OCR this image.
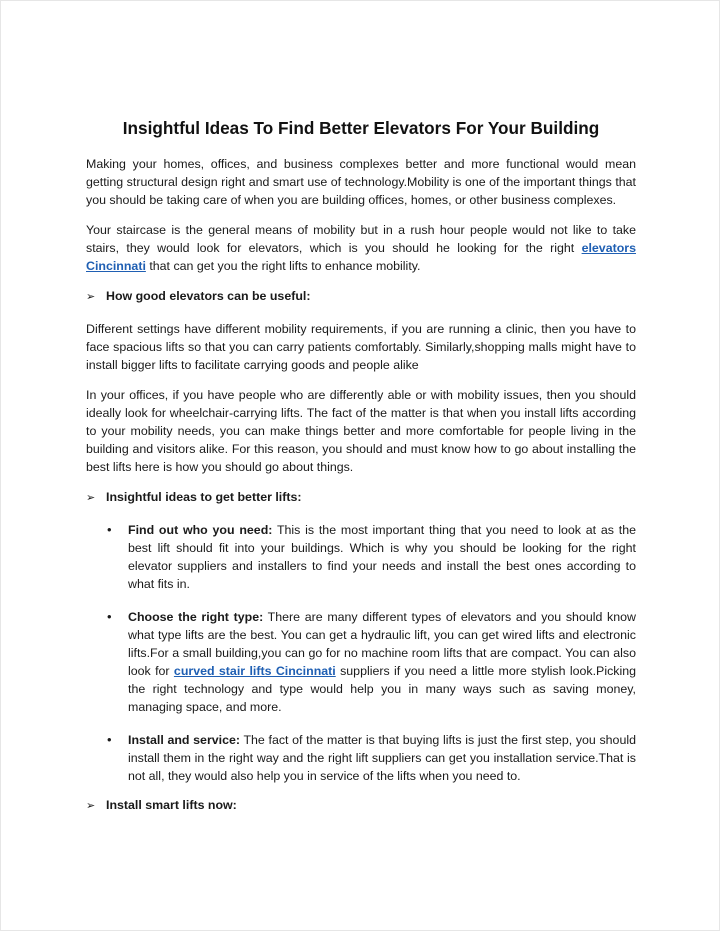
Insightful Ideas To Find Better Elevators For Your Building

Making your homes, offices, and business complexes better and more functional would mean getting structural design right and smart use of technology.Mobility is one of the important things that you should be taking care of when you are building offices, homes, or other business complexes.

Your staircase is the general means of mobility but in a rush hour people would not like to take stairs, they would look for elevators, which is you should he looking for the right elevators Cincinnati that can get you the right lifts to enhance mobility.

➢ How good elevators can be useful:

Different settings have different mobility requirements, if you are running a clinic, then you have to face spacious lifts so that you can carry patients comfortably. Similarly,shopping malls might have to install bigger lifts to facilitate carrying goods and people alike

In your offices, if you have people who are differently able or with mobility issues, then you should ideally look for wheelchair-carrying lifts. The fact of the matter is that when you install lifts according to your mobility needs, you can make things better and more comfortable for people living in the building and visitors alike. For this reason, you should and must know how to go about installing the best lifts here is how you should go about things.

➢ Insightful ideas to get better lifts:
•	Find out who you need: This is the most important thing that you need to look at as the best lift should fit into your buildings. Which is why you should be looking for the right elevator suppliers and installers to find your needs and install the best ones according to what fits in.
•	Choose the right type: There are many different types of elevators and you should know what type lifts are the best. You can get a hydraulic lift, you can get wired lifts and electronic lifts.For a small building,you can go for no machine room lifts that are compact. You can also look for curved stair lifts Cincinnati suppliers if you need a little more stylish look.Picking the right technology and type would help you in many ways such as saving money, managing space, and more.
•	Install and service: The fact of the matter is that buying lifts is just the first step, you should install them in the right way and the right lift suppliers can get you installation service.That is not all, they would also help you in service of the lifts when you need to.
➢ Install smart lifts now:
